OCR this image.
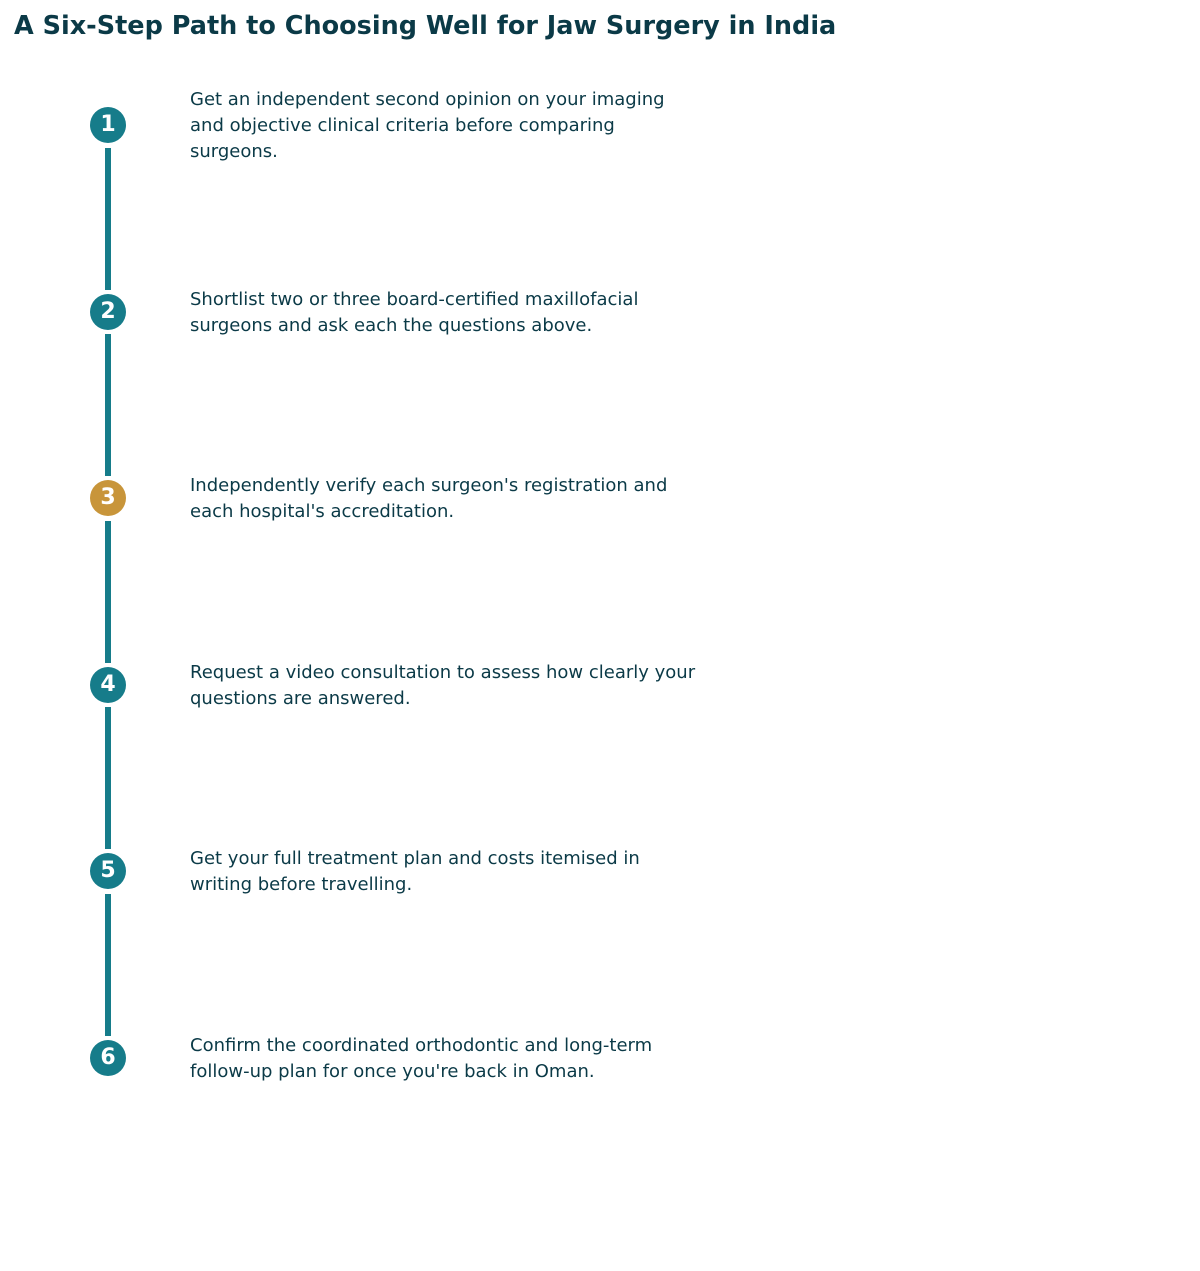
A Six-Step Path to Choosing Well for Jaw Surgery in India
1

Get an independent second opinion on your imaging and objective clinical criteria before comparing surgeons.

2	Shortlist two or three board-certified maxillofacial surgeons and ask each the questions above.

3	Independently verify each surgeon's registration and each hospital's accreditation.

4	Request a video consultation to assess how clearly your questions are answered.

5	Get your full treatment plan and costs itemised in writing before travelling.

6	Confirm the coordinated orthodontic and long-term follow-up plan for once you're back in Oman.
